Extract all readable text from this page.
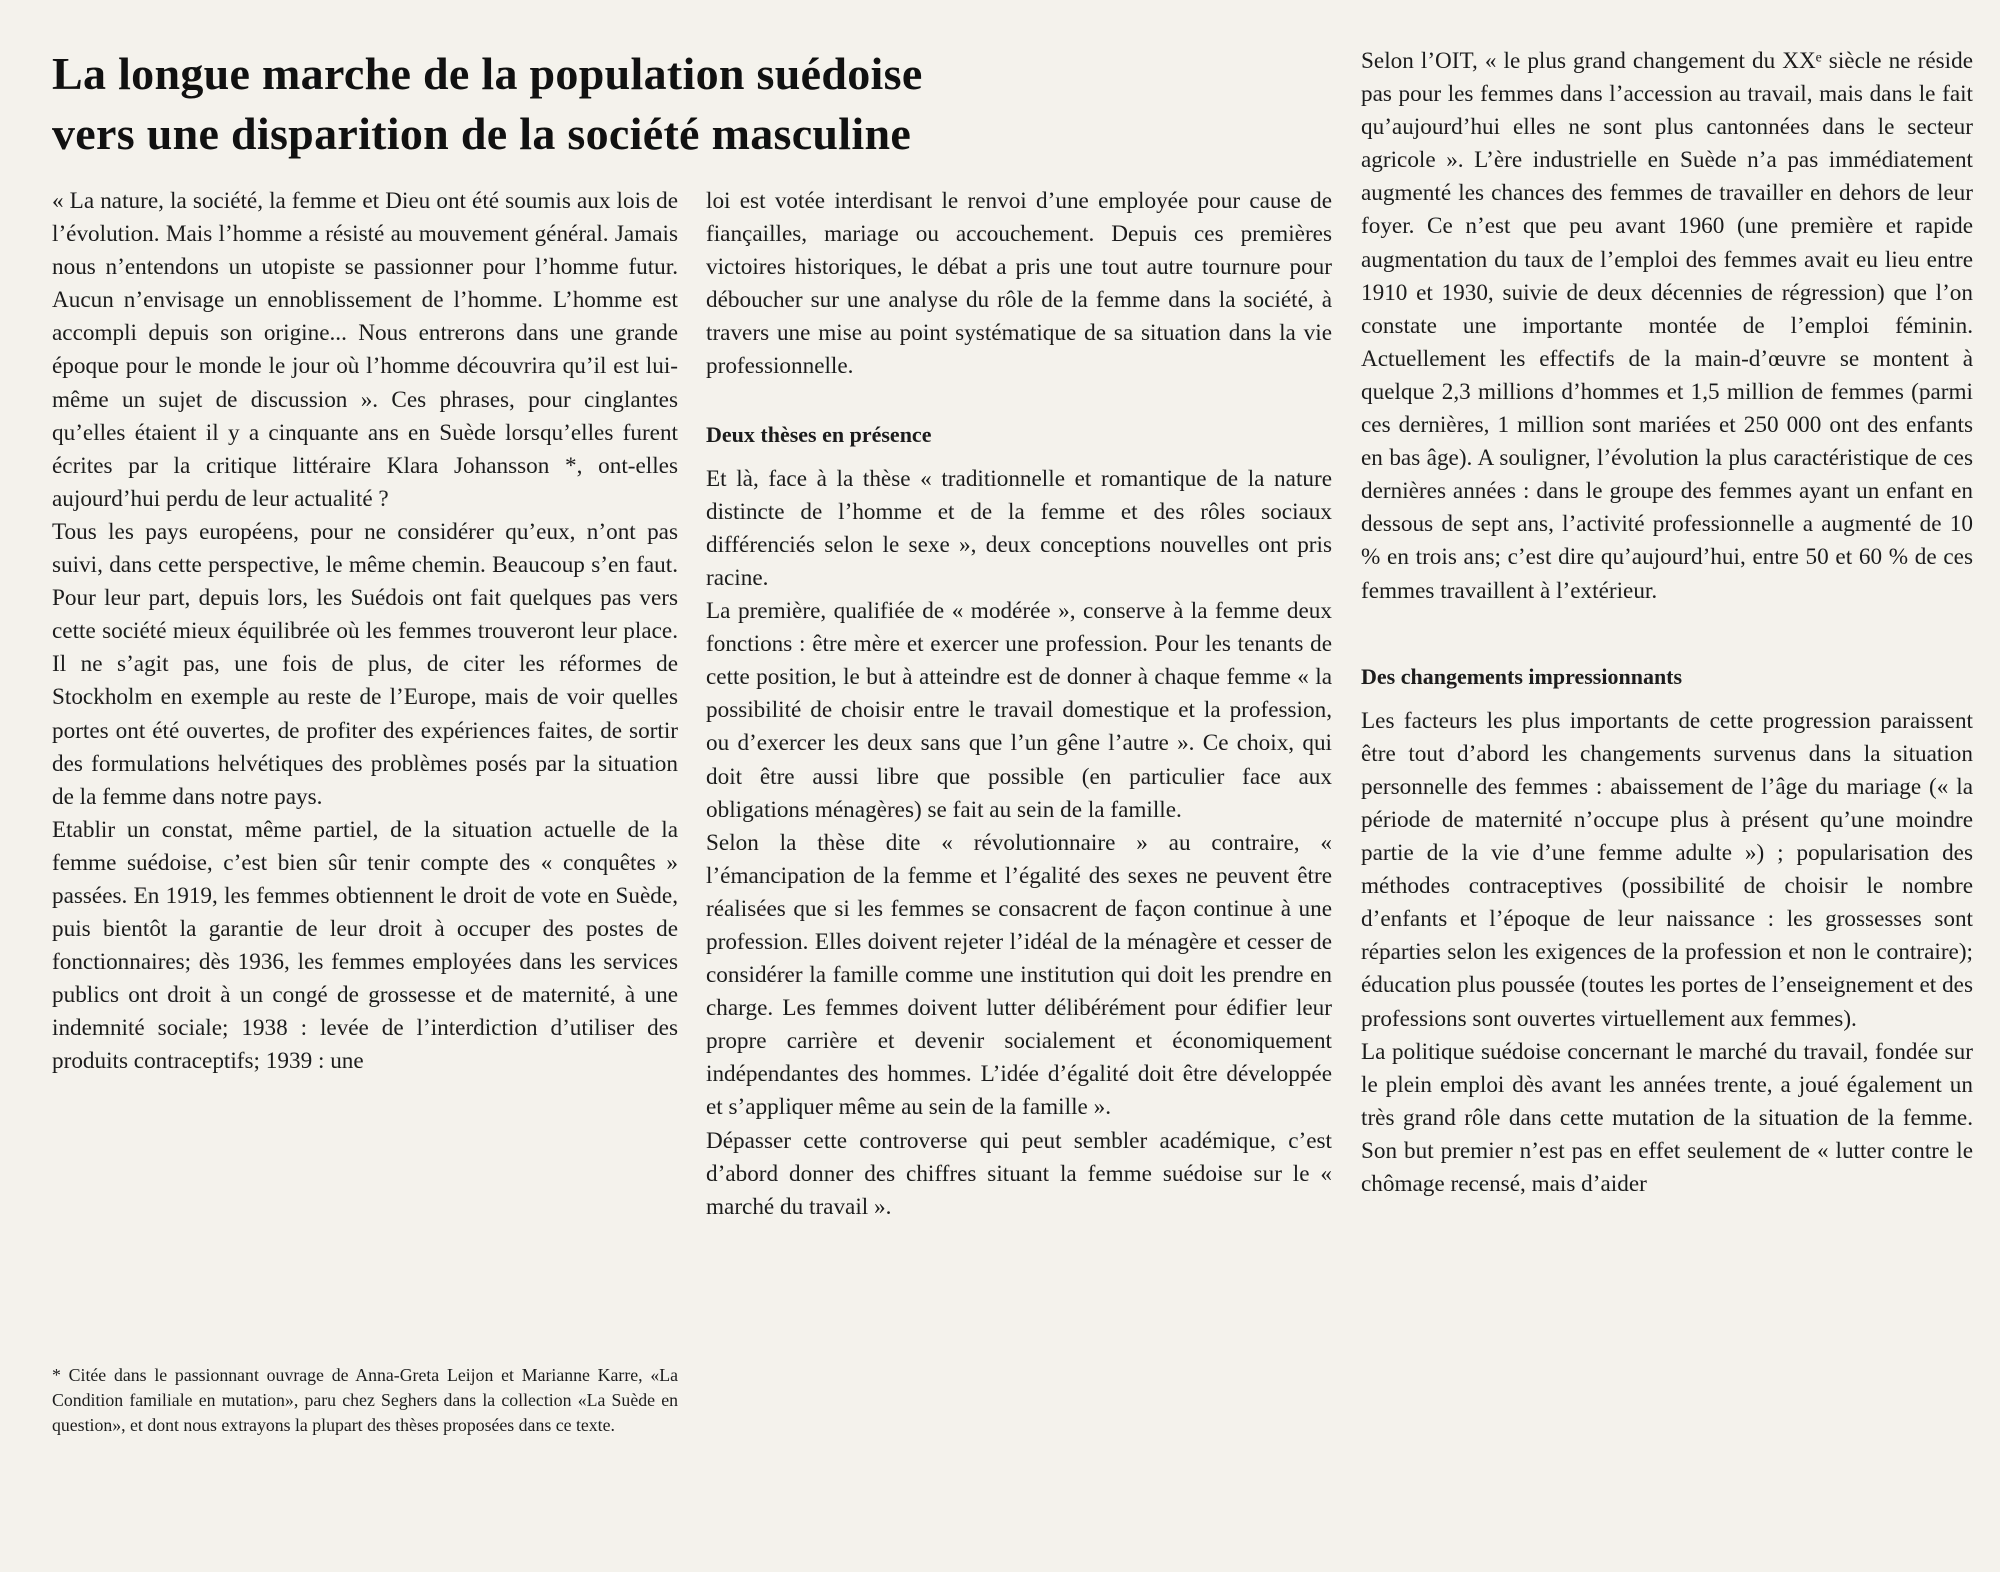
La longue marche de la population suédoise
vers une disparition de la société masculine

« La nature, la société, la femme et Dieu ont été soumis aux lois de l’évolution. Mais l’homme a résisté au mouvement général. Jamais nous n’entendons un utopiste se passionner pour l’homme futur. Aucun n’envisage un ennoblissement de l’homme. L’homme est accompli depuis son origine... Nous entrerons dans une grande époque pour le monde le jour où l’homme découvrira qu’il est lui-même un sujet de discussion ». Ces phrases, pour cinglantes qu’elles étaient il y a cinquante ans en Suède lorsqu’elles furent écrites par la critique littéraire Klara Johansson *, ont-elles aujourd’hui perdu de leur actualité ?

Tous les pays européens, pour ne considérer qu’eux, n’ont pas suivi, dans cette perspective, le même chemin. Beaucoup s’en faut. Pour leur part, depuis lors, les Suédois ont fait quelques pas vers cette société mieux équilibrée où les femmes trouveront leur place. Il ne s’agit pas, une fois de plus, de citer les réformes de Stockholm en exemple au reste de l’Europe, mais de voir quelles portes ont été ouvertes, de profiter des expériences faites, de sortir des formulations helvétiques des problèmes posés par la situation de la femme dans notre pays.

Etablir un constat, même partiel, de la situation actuelle de la femme suédoise, c’est bien sûr tenir compte des « conquêtes » passées. En 1919, les femmes obtiennent le droit de vote en Suède, puis bientôt la garantie de leur droit à occuper des postes de fonctionnaires; dès 1936, les femmes employées dans les services publics ont droit à un congé de grossesse et de maternité, à une indemnité sociale; 1938 : levée de l’interdiction d’utiliser des produits contraceptifs; 1939 : une

* Citée dans le passionnant ouvrage de Anna-Greta Leijon et Marianne Karre, «La Condition familiale en mutation», paru chez Seghers dans la collection «La Suède en question», et dont nous extrayons la plupart des thèses proposées dans ce texte.

loi est votée interdisant le renvoi d’une employée pour cause de fiançailles, mariage ou accouchement. Depuis ces premières victoires historiques, le débat a pris une tout autre tournure pour déboucher sur une analyse du rôle de la femme dans la société, à travers une mise au point systématique de sa situation dans la vie professionnelle.

Deux thèses en présence

Et là, face à la thèse « traditionnelle et romantique de la nature distincte de l’homme et de la femme et des rôles sociaux différenciés selon le sexe », deux conceptions nouvelles ont pris racine.

La première, qualifiée de « modérée », conserve à la femme deux fonctions : être mère et exercer une profession. Pour les tenants de cette position, le but à atteindre est de donner à chaque femme « la possibilité de choisir entre le travail domestique et la profession, ou d’exercer les deux sans que l’un gêne l’autre ». Ce choix, qui doit être aussi libre que possible (en particulier face aux obligations ménagères) se fait au sein de la famille.

Selon la thèse dite « révolutionnaire » au contraire, « l’émancipation de la femme et l’égalité des sexes ne peuvent être réalisées que si les femmes se consacrent de façon continue à une profession. Elles doivent rejeter l’idéal de la ménagère et cesser de considérer la famille comme une institution qui doit les prendre en charge. Les femmes doivent lutter délibérément pour édifier leur propre carrière et devenir socialement et économiquement indépendantes des hommes. L’idée d’égalité doit être développée et s’appliquer même au sein de la famille ».

Dépasser cette controverse qui peut sembler académique, c’est d’abord donner des chiffres situant la femme suédoise sur le « marché du travail ».

Selon l’OIT, « le plus grand changement du XXᵉ siècle ne réside pas pour les femmes dans l’accession au travail, mais dans le fait qu’aujourd’hui elles ne sont plus cantonnées dans le secteur agricole ». L’ère industrielle en Suède n’a pas immédiatement augmenté les chances des femmes de travailler en dehors de leur foyer. Ce n’est que peu avant 1960 (une première et rapide augmentation du taux de l’emploi des femmes avait eu lieu entre 1910 et 1930, suivie de deux décennies de régression) que l’on constate une importante montée de l’emploi féminin. Actuellement les effectifs de la main-d’œuvre se montent à quelque 2,3 millions d’hommes et 1,5 million de femmes (parmi ces dernières, 1 million sont mariées et 250 000 ont des enfants en bas âge). A souligner, l’évolution la plus caractéristique de ces dernières années : dans le groupe des femmes ayant un enfant en dessous de sept ans, l’activité professionnelle a augmenté de 10 % en trois ans; c’est dire qu’aujourd’hui, entre 50 et 60 % de ces femmes travaillent à l’extérieur.

Des changements impressionnants

Les facteurs les plus importants de cette progression paraissent être tout d’abord les changements survenus dans la situation personnelle des femmes : abaissement de l’âge du mariage (« la période de maternité n’occupe plus à présent qu’une moindre partie de la vie d’une femme adulte ») ; popularisation des méthodes contraceptives (possibilité de choisir le nombre d’enfants et l’époque de leur naissance : les grossesses sont réparties selon les exigences de la profession et non le contraire); éducation plus poussée (toutes les portes de l’enseignement et des professions sont ouvertes virtuellement aux femmes).

La politique suédoise concernant le marché du travail, fondée sur le plein emploi dès avant les années trente, a joué également un très grand rôle dans cette mutation de la situation de la femme. Son but premier n’est pas en effet seulement de « lutter contre le chômage recensé, mais d’aider
